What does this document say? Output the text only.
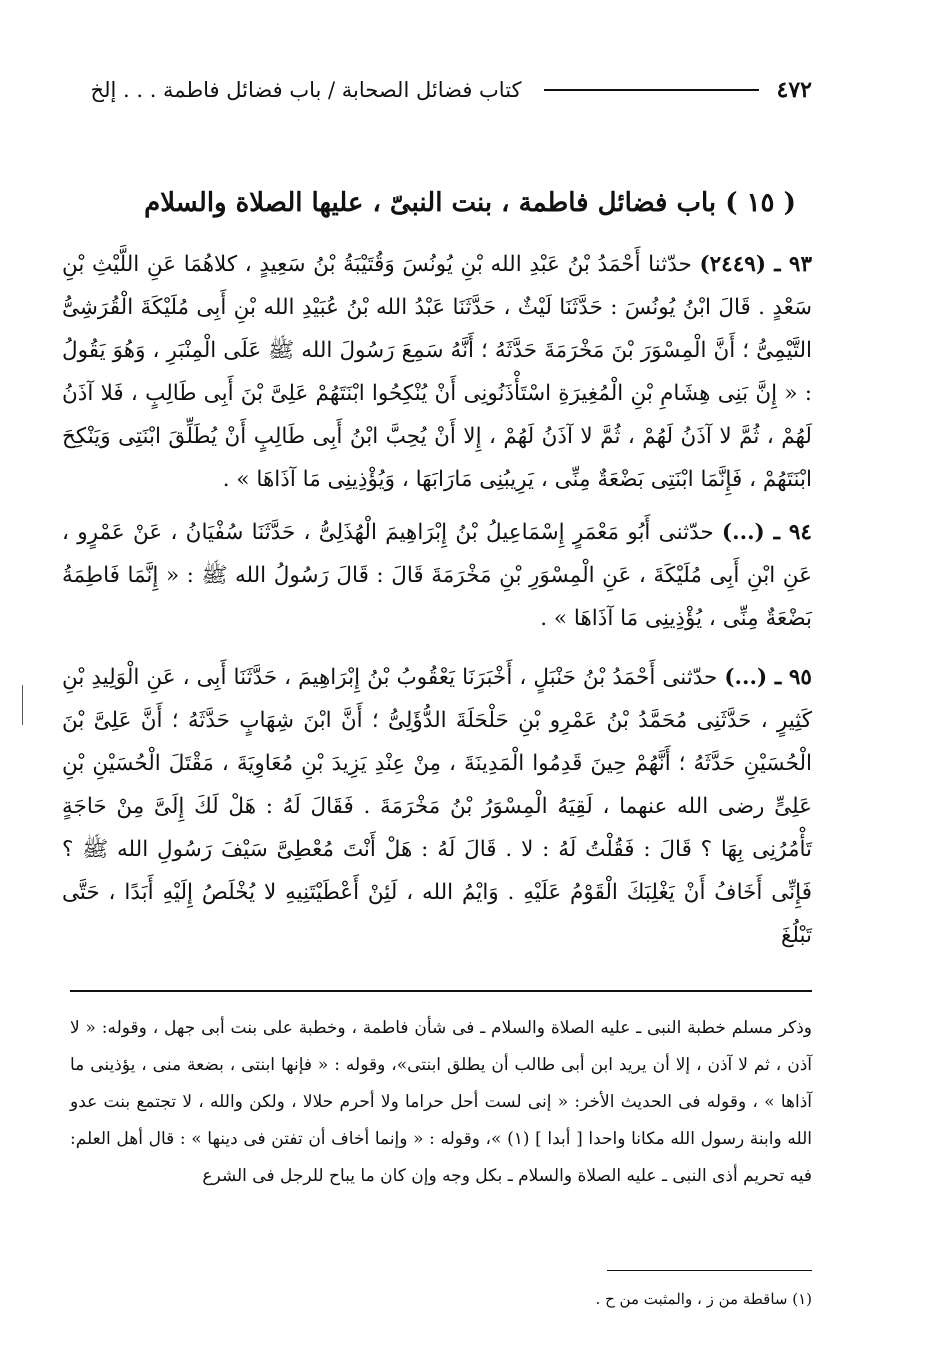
٤٧٢
كتاب فضائل الصحابة / باب فضائل فاطمة . . . إلخ
( ١٥ ) باب فضائل فاطمة ، بنت النبىّ ، عليها الصلاة والسلام

٩٣ ـ (٢٤٤٩) حدّثنا أَحْمَدُ بْنُ عَبْدِ الله بْنِ يُونُسَ وَقُتَيْبَةُ بْنُ سَعِيدٍ ، كلاهُمَا عَنِ اللَّيْثِ بْنِ سَعْدٍ . قَالَ ابْنُ يُونُسَ : حَدَّثَنَا لَيْثٌ ، حَدَّثَنَا عَبْدُ الله بْنُ عُبَيْدِ الله بْنِ أَبِى مُلَيْكَةَ الْقُرَشِىُّ التَّيْمِىُّ ؛ أَنَّ الْمِسْوَرَ بْنَ مَخْرَمَةَ حَدَّثَهُ ؛ أَنَّهُ سَمِعَ رَسُولَ الله ﷺ عَلَى الْمِنْبَرِ ، وَهُوَ يَقُولُ : « إِنَّ بَنِى هِشَامِ بْنِ الْمُغِيرَةِ اسْتَأْذَنُونِى أَنْ يُنْكِحُوا ابْنَتَهُمْ عَلِىَّ بْنَ أَبِى طَالِبٍ ، فَلا آذَنُ لَهُمْ ، ثُمَّ لا آذَنُ لَهُمْ ، ثُمَّ لا آذَنُ لَهُمْ ، إِلا أَنْ يُحِبَّ ابْنُ أَبِى طَالِبٍ أَنْ يُطَلِّقَ ابْنَتِى وَيَنْكِحَ ابْنَتَهُمْ ، فَإِنَّمَا ابْنَتِى بَضْعَةٌ مِنِّى ، يَرِيبُنِى مَارَابَهَا ، وَيُؤْذِينِى مَا آذَاهَا » .

٩٤ ـ (...) حدّثنى أَبُو مَعْمَرٍ إِسْمَاعِيلُ بْنُ إِبْرَاهِيمَ الْهُذَلِىُّ ، حَدَّثَنَا سُفْيَانُ ، عَنْ عَمْرٍو ، عَنِ ابْنِ أَبِى مُلَيْكَةَ ، عَنِ الْمِسْوَرِ بْنِ مَخْرَمَةَ قَالَ : قَالَ رَسُولُ الله ﷺ : « إِنَّمَا فَاطِمَةُ بَضْعَةٌ مِنِّى ، يُؤْذِينِى مَا آذَاهَا » .

٩٥ ـ (...) حدّثنى أَحْمَدُ بْنُ حَنْبَلٍ ، أَخْبَرَنَا يَعْقُوبُ بْنُ إِبْرَاهِيمَ ، حَدَّثَنَا أَبِى ، عَنِ الْوَلِيدِ بْنِ كَثِيرٍ ، حَدَّثَنِى مُحَمَّدُ بْنُ عَمْرِو بْنِ حَلْحَلَةَ الدُّؤَلِىُّ ؛ أَنَّ ابْنَ شِهَابٍ حَدَّثَهُ ؛ أَنَّ عَلِىَّ بْنَ الْحُسَيْنِ حَدَّثَهُ ؛ أَنَّهُمْ حِينَ قَدِمُوا الْمَدِينَةَ ، مِنْ عِنْدِ يَزِيدَ بْنِ مُعَاوِيَةَ ، مَقْتَلَ الْحُسَيْنِ بْنِ عَلِىٍّ رضى الله عنهما ، لَقِيَهُ الْمِسْوَرُ بْنُ مَخْرَمَةَ . فَقَالَ لَهُ : هَلْ لَكَ إِلَىَّ مِنْ حَاجَةٍ تَأْمُرُنِى بِهَا ؟ قَالَ : فَقُلْتُ لَهُ : لا . قَالَ لَهُ : هَلْ أَنْتَ مُعْطِىَّ سَيْفَ رَسُولِ الله ﷺ ؟ فَإِنِّى أَخَافُ أَنْ يَغْلِبَكَ الْقَوْمُ عَلَيْهِ . وَايْمُ الله ، لَئِنْ أَعْطَيْتَنِيهِ لا يُخْلَصُ إِلَيْهِ أَبَدًا ، حَتَّى تَبْلُغَ

وذكر مسلم خطبة النبى ـ عليه الصلاة والسلام ـ فى شأن فاطمة ، وخطبة على بنت أبى جهل ، وقوله: « لا آذن ، ثم لا آذن ، إلا أن يريد ابن أبى طالب أن يطلق ابنتى»، وقوله : « فإنها ابنتى ، بضعة منى ، يؤذينى ما آذاها » ، وقوله فى الحديث الأخر: « إنى لست أحل حراما ولا أحرم حلالا ، ولكن والله ، لا تجتمع بنت عدو الله وابنة رسول الله مكانا واحدا [ أبدا ] (١) »، وقوله : « وإنما أخاف أن تفتن فى دينها » : قال أهل العلم: فيه تحريم أذى النبى ـ عليه الصلاة والسلام ـ بكل وجه وإن كان ما يباح للرجل فى الشرع

(١) ساقطة من ز ، والمثبت من ح .
